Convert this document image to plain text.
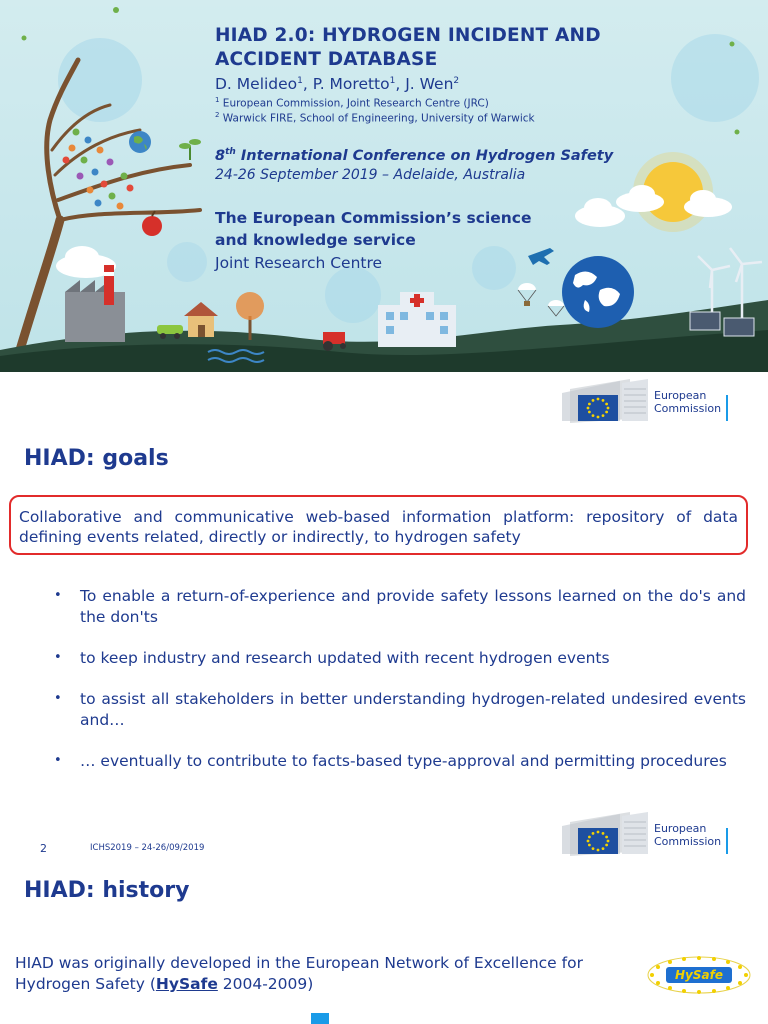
HIAD 2.0: HYDROGEN INCIDENT AND ACCIDENT DATABASE
D. Melideo$^1$, P. Moretto$^1$, J. Wen$^2$
$^1$ European Commission, Joint Research Centre (JRC)
$^2$ Warwick FIRE, School of Engineering, University of Warwick
8th International Conference on Hydrogen Safety
24-26 September 2019 – Adelaide, Australia
The European Commission’s science and knowledge service
Joint Research Centre
European
Commission
HIAD: goals
Collaborative and communicative web-based information platform: repository of data defining events related, directly or indirectly, to hydrogen safety
• To enable a return-of-experience and provide safety lessons learned on the do's and the don'ts
• to keep industry and research updated with recent hydrogen events
• to assist all stakeholders in better understanding hydrogen-related undesired events and…
• … eventually to contribute to facts-based type-approval and permitting procedures
2	ICHS2019 – 24-26/09/2019
European
Commission
HIAD: history
HIAD was originally developed in the European Network of Excellence for Hydrogen Safety (HySafe 2004-2009)	HySafe
